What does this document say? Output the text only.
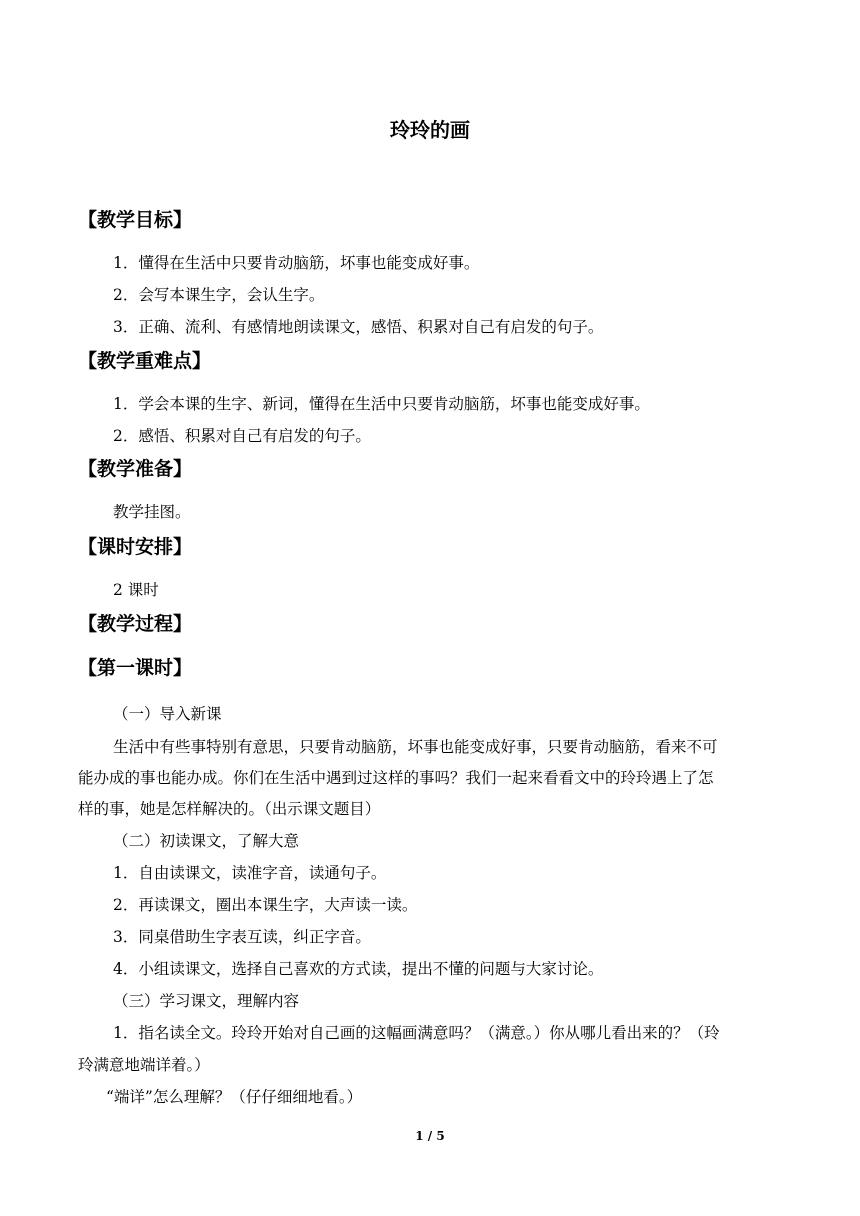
玲玲的画
【教学目标】
1．懂得在生活中只要肯动脑筋，坏事也能变成好事。
2．会写本课生字，会认生字。
3．正确、流利、有感情地朗读课文，感悟、积累对自己有启发的句子。
【教学重难点】
1．学会本课的生字、新词，懂得在生活中只要肯动脑筋，坏事也能变成好事。
2．感悟、积累对自己有启发的句子。
【教学准备】
教学挂图。
【课时安排】
2 课时
【教学过程】
【第一课时】
（一）导入新课
生活中有些事特别有意思，只要肯动脑筋，坏事也能变成好事，只要肯动脑筋，看来不可
能办成的事也能办成。你们在生活中遇到过这样的事吗？我们一起来看看文中的玲玲遇上了怎
样的事，她是怎样解决的。（出示课文题目）
（二）初读课文，了解大意
1．自由读课文，读准字音，读通句子。
2．再读课文，圈出本课生字，大声读一读。
3．同桌借助生字表互读，纠正字音。
4．小组读课文，选择自己喜欢的方式读，提出不懂的问题与大家讨论。
（三）学习课文，理解内容
1．指名读全文。玲玲开始对自己画的这幅画满意吗？（满意。）你从哪儿看出来的？（玲
玲满意地端详着。）
“端详”怎么理解？（仔仔细细地看。）
1 / 5
